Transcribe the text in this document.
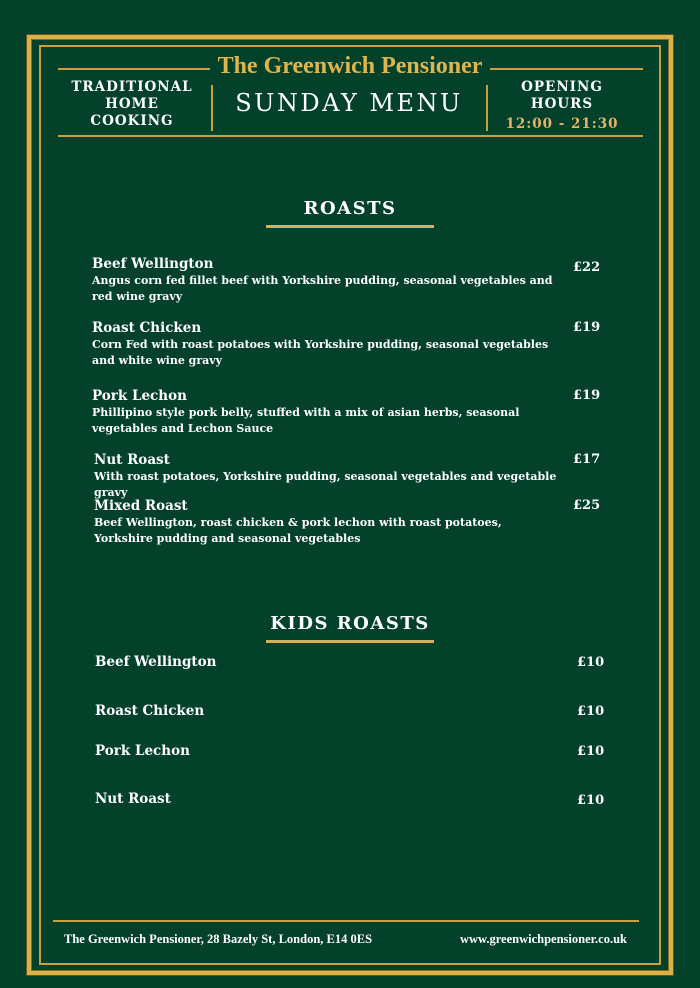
The Greenwich Pensioner
TRADITIONAL
HOME
COOKING
SUNDAY MENU
OPENING
HOURS
12:00 - 21:30
ROASTS
Beef Wellington
Angus corn fed fillet beef with Yorkshire pudding, seasonal vegetables and red wine gravy
£22
Roast Chicken
Corn Fed with roast potatoes with Yorkshire pudding, seasonal vegetables and white wine gravy
£19
Pork Lechon
Phillipino style pork belly, stuffed with a mix of asian herbs, seasonal vegetables and Lechon Sauce
£19
Nut Roast
With roast potatoes, Yorkshire pudding, seasonal vegetables and vegetable gravy
£17
Mixed Roast
Beef Wellington, roast chicken & pork lechon with roast potatoes, Yorkshire pudding and seasonal vegetables
£25
KIDS ROASTS
Beef Wellington	£10
Roast Chicken	£10
Pork Lechon	£10
Nut Roast	£10
The Greenwich Pensioner, 28 Bazely St, London, E14 0ES	www.greenwichpensioner.co.uk
